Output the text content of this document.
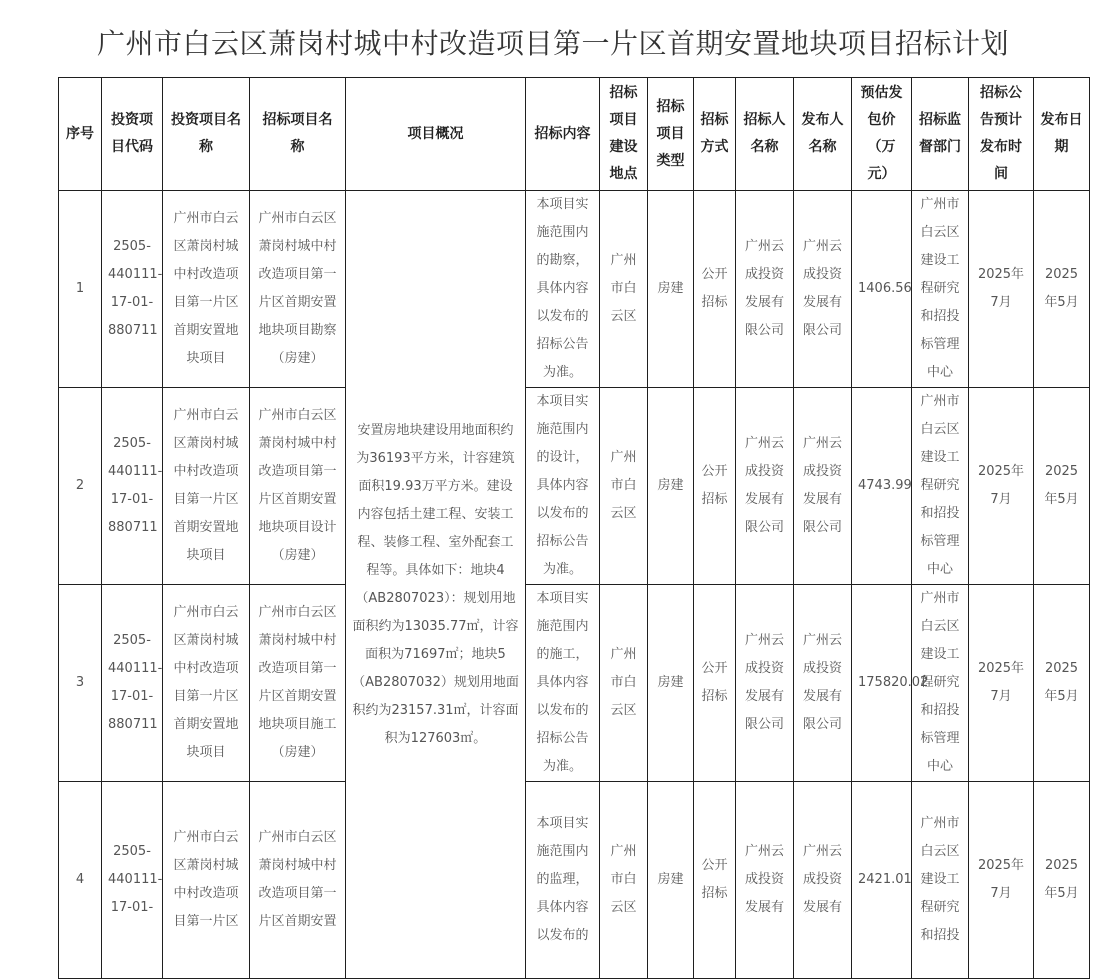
广州市白云区萧岗村城中村改造项目第一片区首期安置地块项目招标计划
序号	投资项目代码	投资项目名称	招标项目名称	项目概况	招标内容	招标项目建设地点	招标项目类型	招标方式	招标人名称	发布人名称	预估发包价（万元）	招标监督部门	招标公告预计发布时间	发布日期
1	2505-440111-17-01-880711	广州市白云区萧岗村城中村改造项目第一片区首期安置地块项目	广州市白云区萧岗村城中村改造项目第一片区首期安置地块项目勘察（房建）	安置房地块建设用地面积约为36193平方米，计容建筑面积19.93万平方米。建设内容包括土建工程、安装工程、装修工程、室外配套工程等。具体如下：地块4（AB2807023）：规划用地面积约为13035.77㎡，计容面积为71697㎡；地块5（AB2807032）规划用地面积约为23157.31㎡，计容面积为127603㎡。	本项目实施范围内的勘察，具体内容以发布的招标公告为准。	广州市白云区	房建	公开招标	广州云成投资发展有限公司	广州云成投资发展有限公司	1406.56	广州市白云区建设工程研究和招投标管理中心	2025年7月	2025年5月
2	2505-440111-17-01-880711	广州市白云区萧岗村城中村改造项目第一片区首期安置地块项目	广州市白云区萧岗村城中村改造项目第一片区首期安置地块项目设计（房建）		本项目实施范围内的设计，具体内容以发布的招标公告为准。	广州市白云区	房建	公开招标	广州云成投资发展有限公司	广州云成投资发展有限公司	4743.99	广州市白云区建设工程研究和招投标管理中心	2025年7月	2025年5月
3	2505-440111-17-01-880711	广州市白云区萧岗村城中村改造项目第一片区首期安置地块项目	广州市白云区萧岗村城中村改造项目第一片区首期安置地块项目施工（房建）		本项目实施范围内的施工，具体内容以发布的招标公告为准。	广州市白云区	房建	公开招标	广州云成投资发展有限公司	广州云成投资发展有限公司	175820.02	广州市白云区建设工程研究和招投标管理中心	2025年7月	2025年5月
4	2505-440111-17-01-	广州市白云区萧岗村城中村改造项目第一片区	广州市白云区萧岗村城中村改造项目第一片区首期安置		本项目实施范围内的监理，具体内容以发布的	广州市白云区	房建	公开招标	广州云成投资发展有	广州云成投资发展有	2421.01	广州市白云区建设工程研究和招投	2025年7月	2025年5月
